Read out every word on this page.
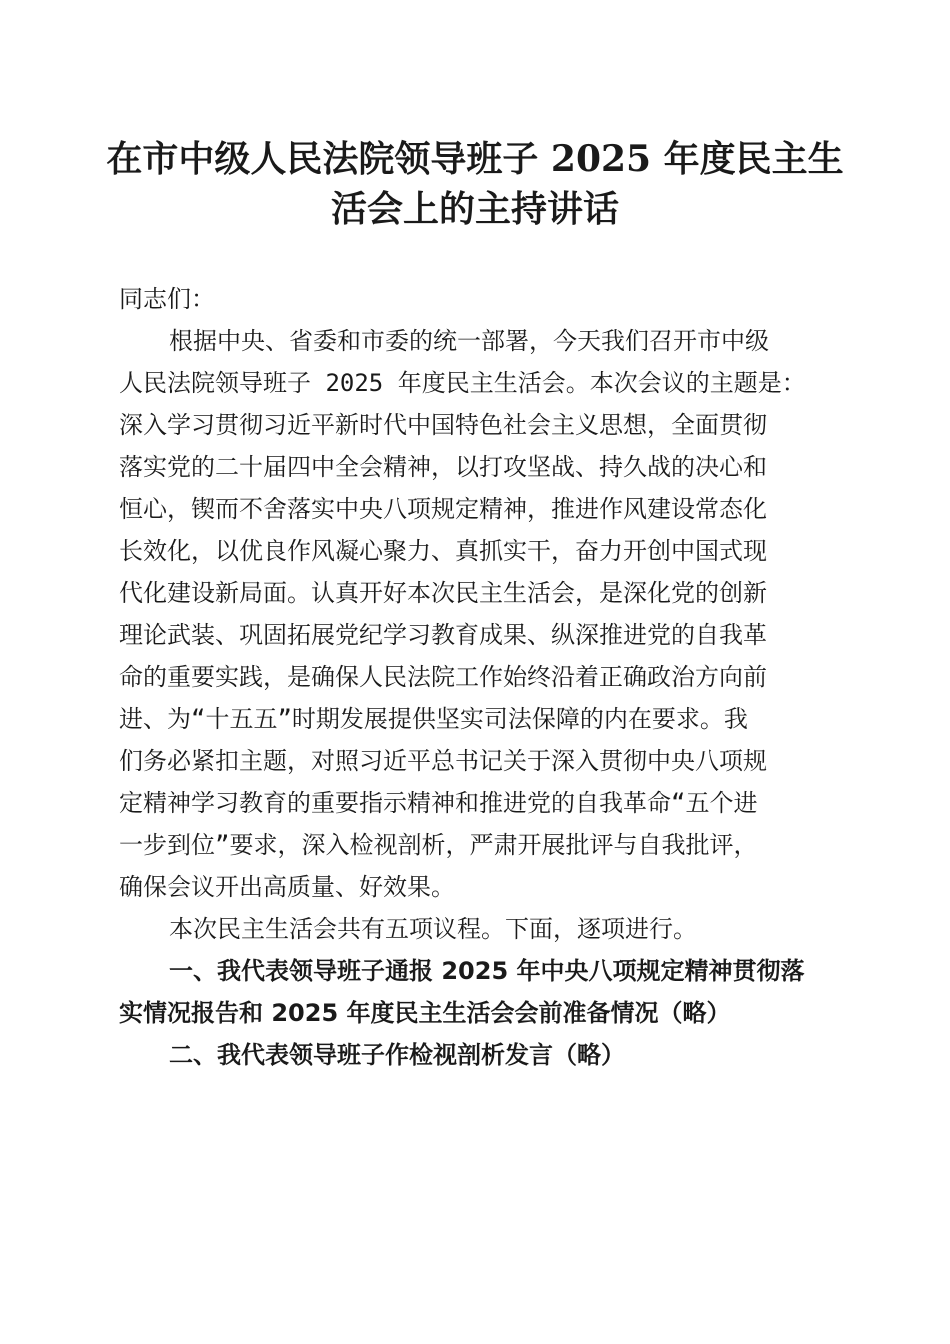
在市中级人民法院领导班子 2025 年度民主生
活会上的主持讲话
同志们：
根据中央、省委和市委的统一部署，今天我们召开市中级
人民法院领导班子 2025 年度民主生活会。本次会议的主题是：
深入学习贯彻习近平新时代中国特色社会主义思想，全面贯彻
落实党的二十届四中全会精神，以打攻坚战、持久战的决心和
恒心，锲而不舍落实中央八项规定精神，推进作风建设常态化
长效化，以优良作风凝心聚力、真抓实干，奋力开创中国式现
代化建设新局面。认真开好本次民主生活会，是深化党的创新
理论武装、巩固拓展党纪学习教育成果、纵深推进党的自我革
命的重要实践，是确保人民法院工作始终沿着正确政治方向前
进、为“十五五”时期发展提供坚实司法保障的内在要求。我
们务必紧扣主题，对照习近平总书记关于深入贯彻中央八项规
定精神学习教育的重要指示精神和推进党的自我革命“五个进
一步到位”要求，深入检视剖析，严肃开展批评与自我批评，
确保会议开出高质量、好效果。
本次民主生活会共有五项议程。下面，逐项进行。
一、我代表领导班子通报 2025 年中央八项规定精神贯彻落
实情况报告和 2025 年度民主生活会会前准备情况（略）
二、我代表领导班子作检视剖析发言（略）
